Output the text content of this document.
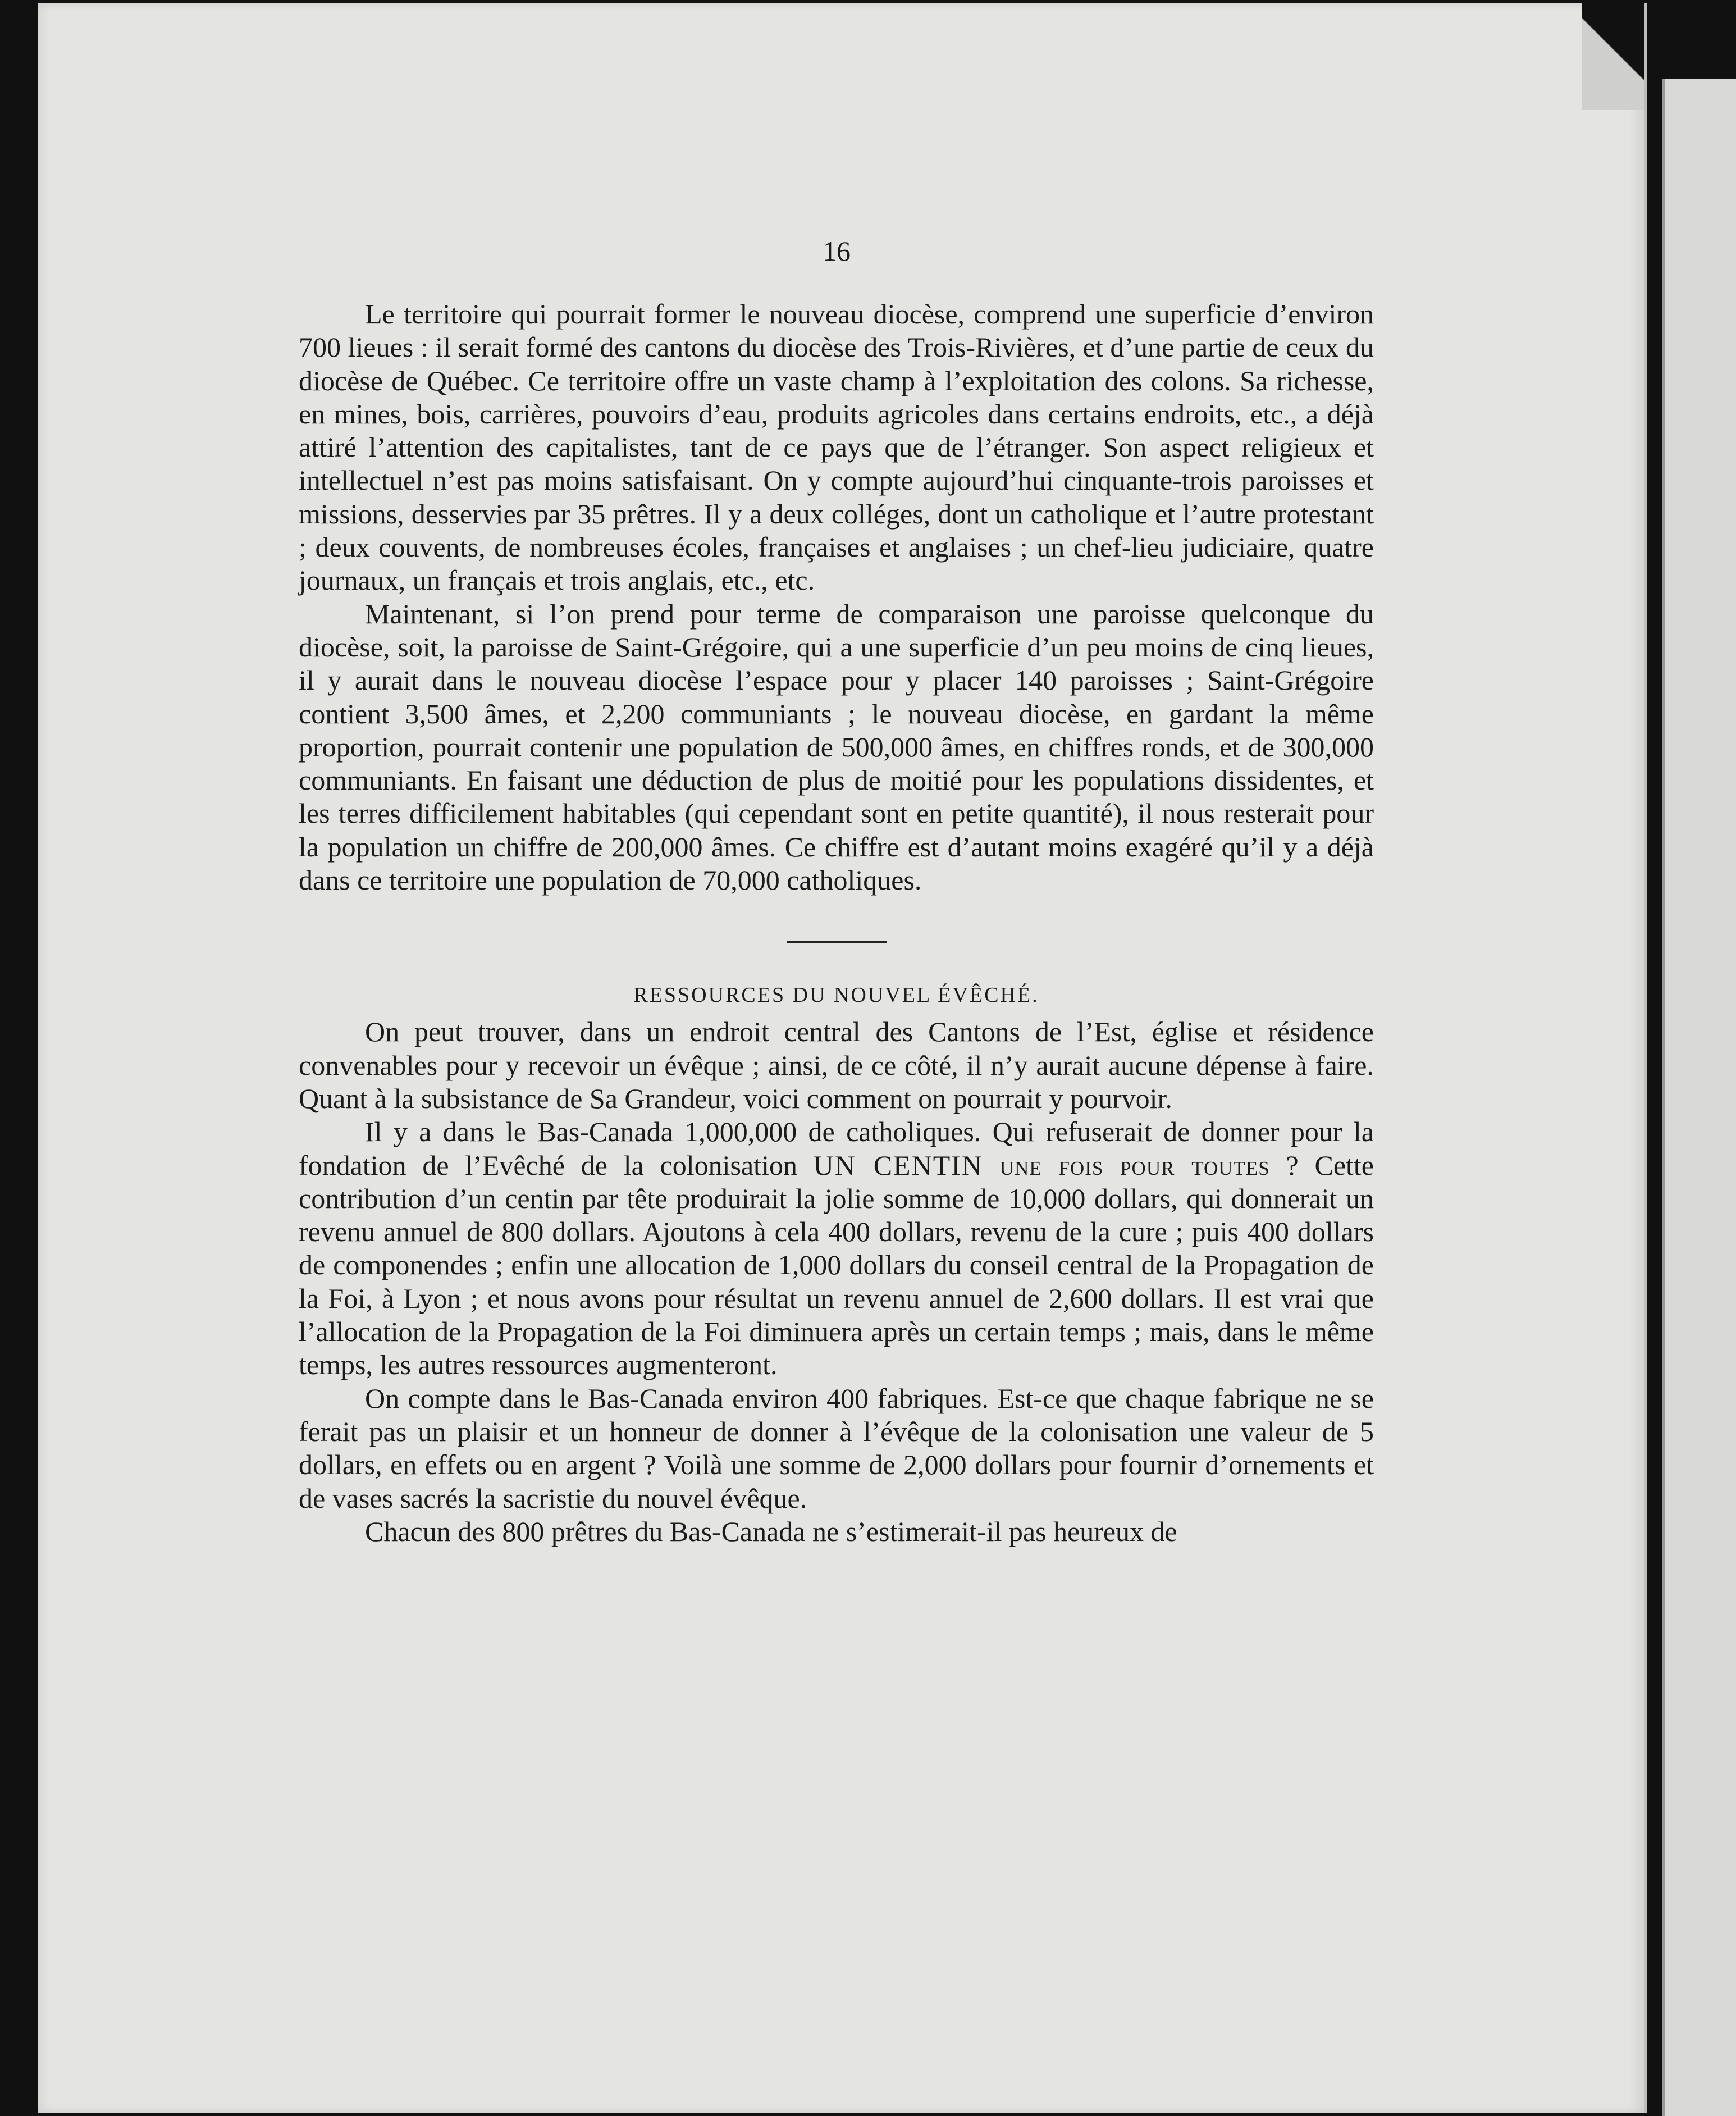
16

Le territoire qui pourrait former le nouveau diocèse, comprend une superficie d’environ 700 lieues : il serait formé des cantons du diocèse des Trois-Rivières, et d’une partie de ceux du diocèse de Québec. Ce territoire offre un vaste champ à l’exploitation des colons. Sa richesse, en mines, bois, carrières, pouvoirs d’eau, produits agricoles dans certains endroits, etc., a déjà attiré l’attention des capitalistes, tant de ce pays que de l’étranger. Son aspect religieux et intellectuel n’est pas moins satisfaisant. On y compte aujourd’hui cinquante-trois paroisses et missions, desservies par 35 prêtres. Il y a deux colléges, dont un catholique et l’autre protestant ; deux couvents, de nombreuses écoles, françaises et anglaises ; un chef-lieu judiciaire, quatre journaux, un français et trois anglais, etc., etc.

Maintenant, si l’on prend pour terme de comparaison une paroisse quelconque du diocèse, soit, la paroisse de Saint-Grégoire, qui a une superficie d’un peu moins de cinq lieues, il y aurait dans le nouveau diocèse l’espace pour y placer 140 paroisses ; Saint-Grégoire contient 3,500 âmes, et 2,200 communiants ; le nouveau diocèse, en gardant la même proportion, pourrait contenir une population de 500,000 âmes, en chiffres ronds, et de 300,000 communiants. En faisant une déduction de plus de moitié pour les populations dissidentes, et les terres difficilement habitables (qui cependant sont en petite quantité), il nous resterait pour la population un chiffre de 200,000 âmes. Ce chiffre est d’autant moins exagéré qu’il y a déjà dans ce territoire une population de 70,000 catholiques.

RESSOURCES DU NOUVEL ÉVÊCHÉ.

On peut trouver, dans un endroit central des Cantons de l’Est, église et résidence convenables pour y recevoir un évêque ; ainsi, de ce côté, il n’y aurait aucune dépense à faire. Quant à la subsistance de Sa Grandeur, voici comment on pourrait y pourvoir.

Il y a dans le Bas-Canada 1,000,000 de catholiques. Qui refuserait de donner pour la fondation de l’Evêché de la colonisation UN CENTIN une fois pour toutes ? Cette contribution d’un centin par tête produirait la jolie somme de 10,000 dollars, qui donnerait un revenu annuel de 800 dollars. Ajoutons à cela 400 dollars, revenu de la cure ; puis 400 dollars de componendes ; enfin une allocation de 1,000 dollars du conseil central de la Propagation de la Foi, à Lyon ; et nous avons pour résultat un revenu annuel de 2,600 dollars. Il est vrai que l’allocation de la Propagation de la Foi diminuera après un certain temps ; mais, dans le même temps, les autres ressources augmenteront.

On compte dans le Bas-Canada environ 400 fabriques. Est-ce que chaque fabrique ne se ferait pas un plaisir et un honneur de donner à l’évêque de la colonisation une valeur de 5 dollars, en effets ou en argent ? Voilà une somme de 2,000 dollars pour fournir d’ornements et de vases sacrés la sacristie du nouvel évêque.

Chacun des 800 prêtres du Bas-Canada ne s’estimerait-il pas heureux de
